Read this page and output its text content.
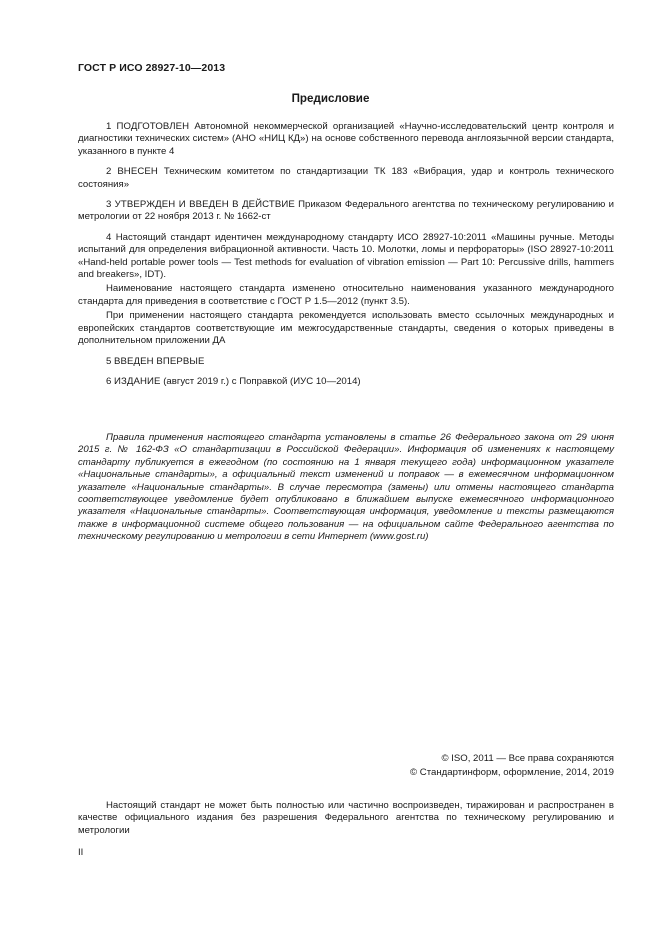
ГОСТ Р ИСО 28927-10—2013
Предисловие

1 ПОДГОТОВЛЕН Автономной некоммерческой организацией «Научно-исследовательский центр контроля и диагностики технических систем» (АНО «НИЦ КД») на основе собственного перевода англоязычной версии стандарта, указанного в пункте 4

2 ВНЕСЕН Техническим комитетом по стандартизации ТК 183 «Вибрация, удар и контроль технического состояния»

3 УТВЕРЖДЕН И ВВЕДЕН В ДЕЙСТВИЕ Приказом Федерального агентства по техническому регулированию и метрологии от 22 ноября 2013 г. № 1662-ст

4 Настоящий стандарт идентичен международному стандарту ИСО 28927-10:2011 «Машины ручные. Методы испытаний для определения вибрационной активности. Часть 10. Молотки, ломы и перфораторы» (ISO 28927-10:2011 «Hand-held portable power tools — Test methods for evaluation of vibration emission — Part 10: Percussive drills, hammers and breakers», IDT).

Наименование настоящего стандарта изменено относительно наименования указанного международного стандарта для приведения в соответствие с ГОСТ Р 1.5—2012 (пункт 3.5).

При применении настоящего стандарта рекомендуется использовать вместо ссылочных международных и европейских стандартов соответствующие им межгосударственные стандарты, сведения о которых приведены в дополнительном приложении ДА

5 ВВЕДЕН ВПЕРВЫЕ

6 ИЗДАНИЕ (август 2019 г.) с Поправкой (ИУС 10—2014)

Правила применения настоящего стандарта установлены в статье 26 Федерального закона от 29 июня 2015 г. № 162-ФЗ «О стандартизации в Российской Федерации». Информация об изменениях к настоящему стандарту публикуется в ежегодном (по состоянию на 1 января текущего года) информационном указателе «Национальные стандарты», а официальный текст изменений и поправок — в ежемесячном информационном указателе «Национальные стандарты». В случае пересмотра (замены) или отмены настоящего стандарта соответствующее уведомление будет опубликовано в ближайшем выпуске ежемесячного информационного указателя «Национальные стандарты». Соответствующая информация, уведомление и тексты размещаются также в информационной системе общего пользования — на официальном сайте Федерального агентства по техническому регулированию и метрологии в сети Интернет (www.gost.ru)

© ISO, 2011 — Все права сохраняются
© Стандартинформ, оформление, 2014, 2019

Настоящий стандарт не может быть полностью или частично воспроизведен, тиражирован и распространен в качестве официального издания без разрешения Федерального агентства по техническому регулированию и метрологии

II
